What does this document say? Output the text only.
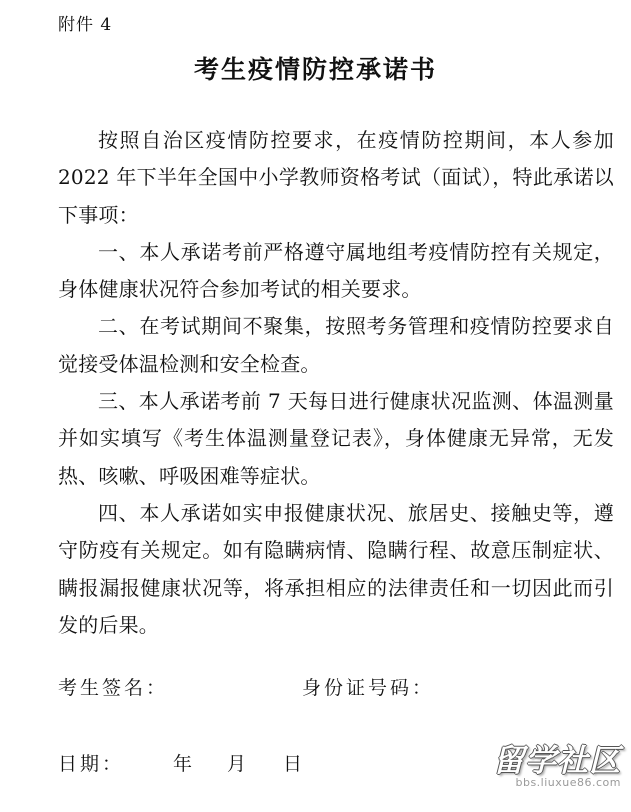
附件 4
考生疫情防控承诺书

按照自治区疫情防控要求，在疫情防控期间，本人参加 2022 年下半年全国中小学教师资格考试（面试），特此承诺以下事项：

一、本人承诺考前严格遵守属地组考疫情防控有关规定，身体健康状况符合参加考试的相关要求。

二、在考试期间不聚集，按照考务管理和疫情防控要求自觉接受体温检测和安全检查。

三、本人承诺考前 7 天每日进行健康状况监测、体温测量并如实填写《考生体温测量登记表》，身体健康无异常，无发热、咳嗽、呼吸困难等症状。

四、本人承诺如实申报健康状况、旅居史、接触史等，遵守防疫有关规定。如有隐瞒病情、隐瞒行程、故意压制症状、瞒报漏报健康状况等，将承担相应的法律责任和一切因此而引发的后果。

考生签名：	身份证号码：
日期：	年 月 日	留学社区
bbs.liuxue86.com
